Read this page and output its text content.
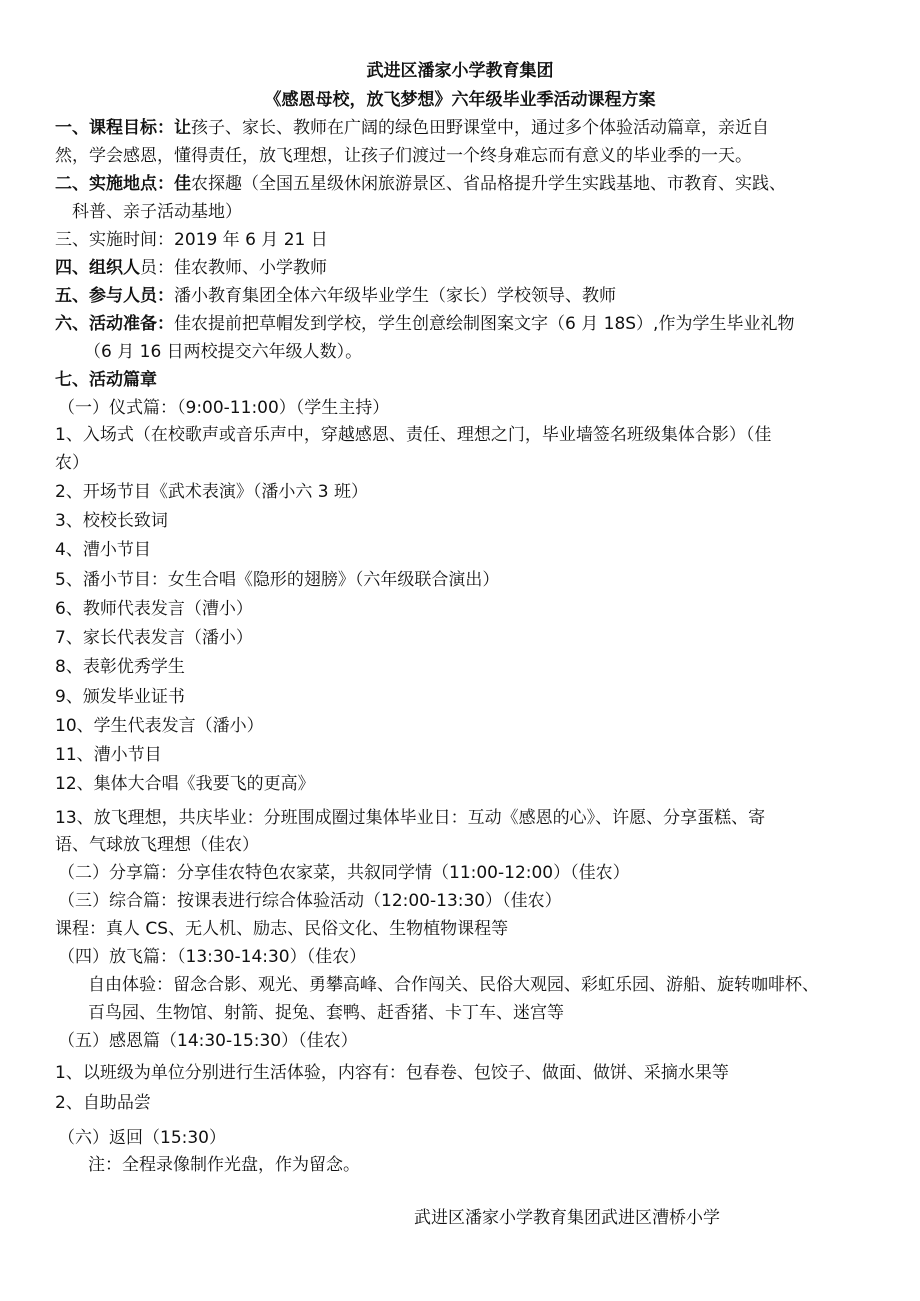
武进区潘家小学教育集团
《感恩母校，放飞梦想》六年级毕业季活动课程方案
一、课程目标：让孩子、家长、教师在广阔的绿色田野课堂中，通过多个体验活动篇章，亲近自
然，学会感恩，懂得责任，放飞理想，让孩子们渡过一个终身难忘而有意义的毕业季的一天。
二、实施地点：佳农探趣（全国五星级休闲旅游景区、省品格提升学生实践基地、市教育、实践、
科普、亲子活动基地）
三、实施时间：2019 年 6 月 21 日
四、组织人员：佳农教师、小学教师
五、参与人员：潘小教育集团全体六年级毕业学生（家长）学校领导、教师
六、活动准备：佳农提前把草帽发到学校，学生创意绘制图案文字（6 月 18S）,作为学生毕业礼物
（6 月 16 日两校提交六年级人数）。
七、活动篇章
（一）仪式篇：（9:00-11:00）（学生主持）
1、入场式（在校歌声或音乐声中，穿越感恩、责任、理想之门，毕业墙签名班级集体合影）（佳
农）
2、开场节目《武术表演》（潘小六 3 班）
3、校校长致词
4、漕小节目
5、潘小节目：女生合唱《隐形的翅膀》（六年级联合演出）
6、教师代表发言（漕小）
7、家长代表发言（潘小）
8、表彰优秀学生
9、颁发毕业证书
10、学生代表发言（潘小）
11、漕小节目
12、集体大合唱《我要飞的更高》
13、放飞理想，共庆毕业：分班围成圈过集体毕业日：互动《感恩的心》、许愿、分享蛋糕、寄
语、气球放飞理想（佳农）
（二）分享篇：分享佳农特色农家菜，共叙同学情（11:00-12:00）（佳农）
（三）综合篇：按课表进行综合体验活动（12:00-13:30）（佳农）
课程：真人 CS、无人机、励志、民俗文化、生物植物课程等
（四）放飞篇：（13:30-14:30）（佳农）
自由体验：留念合影、观光、勇攀高峰、合作闯关、民俗大观园、彩虹乐园、游船、旋转咖啡杯、
百鸟园、生物馆、射箭、捉兔、套鸭、赶香猪、卡丁车、迷宫等
（五）感恩篇（14:30-15:30）（佳农）
1、以班级为单位分别进行生活体验，内容有：包春卷、包饺子、做面、做饼、采摘水果等
2、自助品尝
（六）返回（15:30）
注：全程录像制作光盘，作为留念。
武进区潘家小学教育集团武进区漕桥小学
